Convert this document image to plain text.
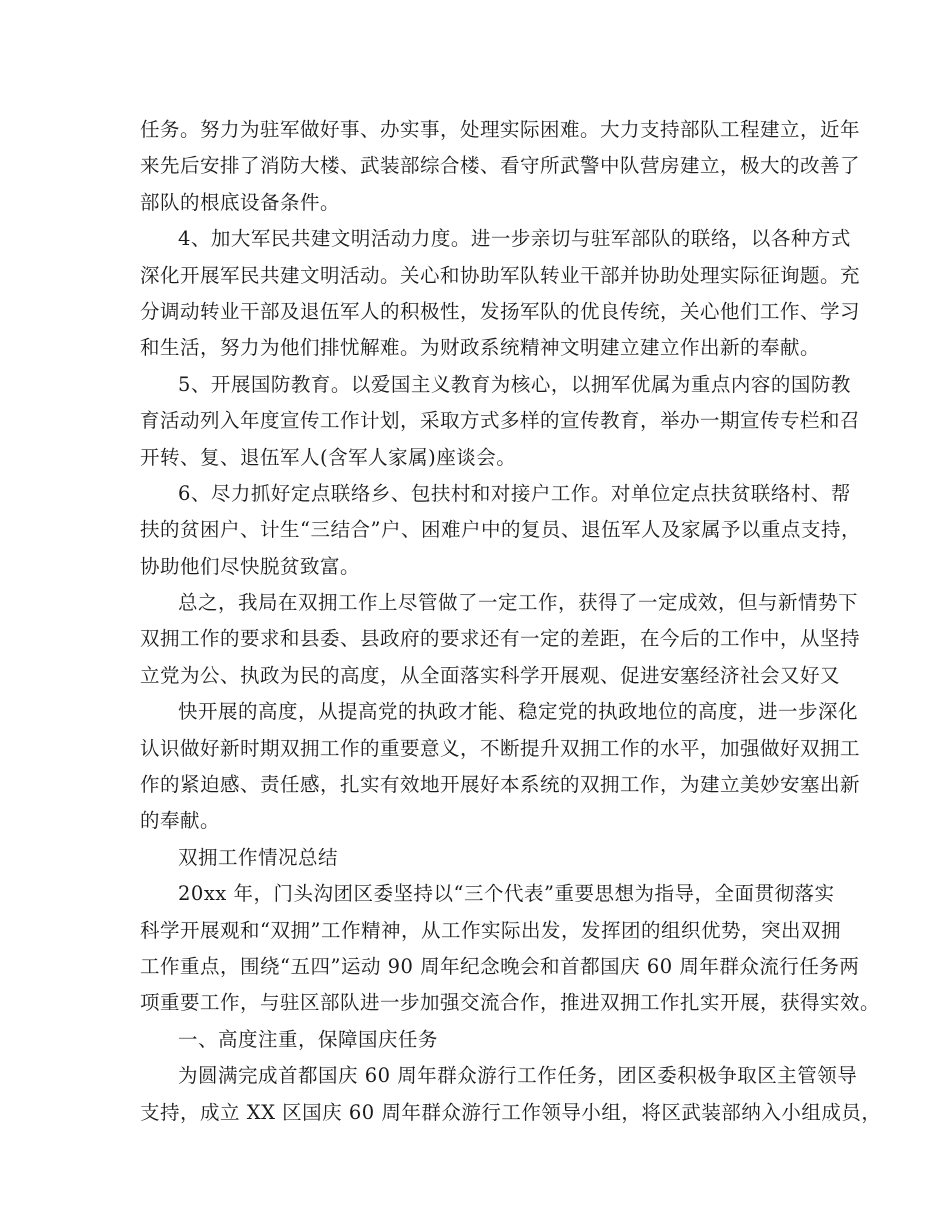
任务。努力为驻军做好事、办实事，处理实际困难。大力支持部队工程建立，近年
来先后安排了消防大楼、武装部综合楼、看守所武警中队营房建立，极大的改善了
部队的根底设备条件。
4、加大军民共建文明活动力度。进一步亲切与驻军部队的联络，以各种方式
深化开展军民共建文明活动。关心和协助军队转业干部并协助处理实际征询题。充
分调动转业干部及退伍军人的积极性，发扬军队的优良传统，关心他们工作、学习
和生活，努力为他们排忧解难。为财政系统精神文明建立建立作出新的奉献。
5、开展国防教育。以爱国主义教育为核心，以拥军优属为重点内容的国防教
育活动列入年度宣传工作计划，采取方式多样的宣传教育，举办一期宣传专栏和召
开转、复、退伍军人(含军人家属)座谈会。
6、尽力抓好定点联络乡、包扶村和对接户工作。对单位定点扶贫联络村、帮
扶的贫困户、计生“三结合”户、困难户中的复员、退伍军人及家属予以重点支持，
协助他们尽快脱贫致富。
总之，我局在双拥工作上尽管做了一定工作，获得了一定成效，但与新情势下
双拥工作的要求和县委、县政府的要求还有一定的差距，在今后的工作中，从坚持
立党为公、执政为民的高度，从全面落实科学开展观、促进安塞经济社会又好又
快开展的高度，从提高党的执政才能、稳定党的执政地位的高度，进一步深化
认识做好新时期双拥工作的重要意义，不断提升双拥工作的水平，加强做好双拥工
作的紧迫感、责任感，扎实有效地开展好本系统的双拥工作，为建立美妙安塞出新
的奉献。
双拥工作情况总结
20xx 年，门头沟团区委坚持以“三个代表”重要思想为指导，全面贯彻落实
科学开展观和“双拥”工作精神，从工作实际出发，发挥团的组织优势，突出双拥
工作重点，围绕“五四”运动 90 周年纪念晚会和首都国庆 60 周年群众流行任务两
项重要工作，与驻区部队进一步加强交流合作，推进双拥工作扎实开展，获得实效。
一、高度注重，保障国庆任务
为圆满完成首都国庆 60 周年群众游行工作任务，团区委积极争取区主管领导
支持，成立 XX 区国庆 60 周年群众游行工作领导小组，将区武装部纳入小组成员，
